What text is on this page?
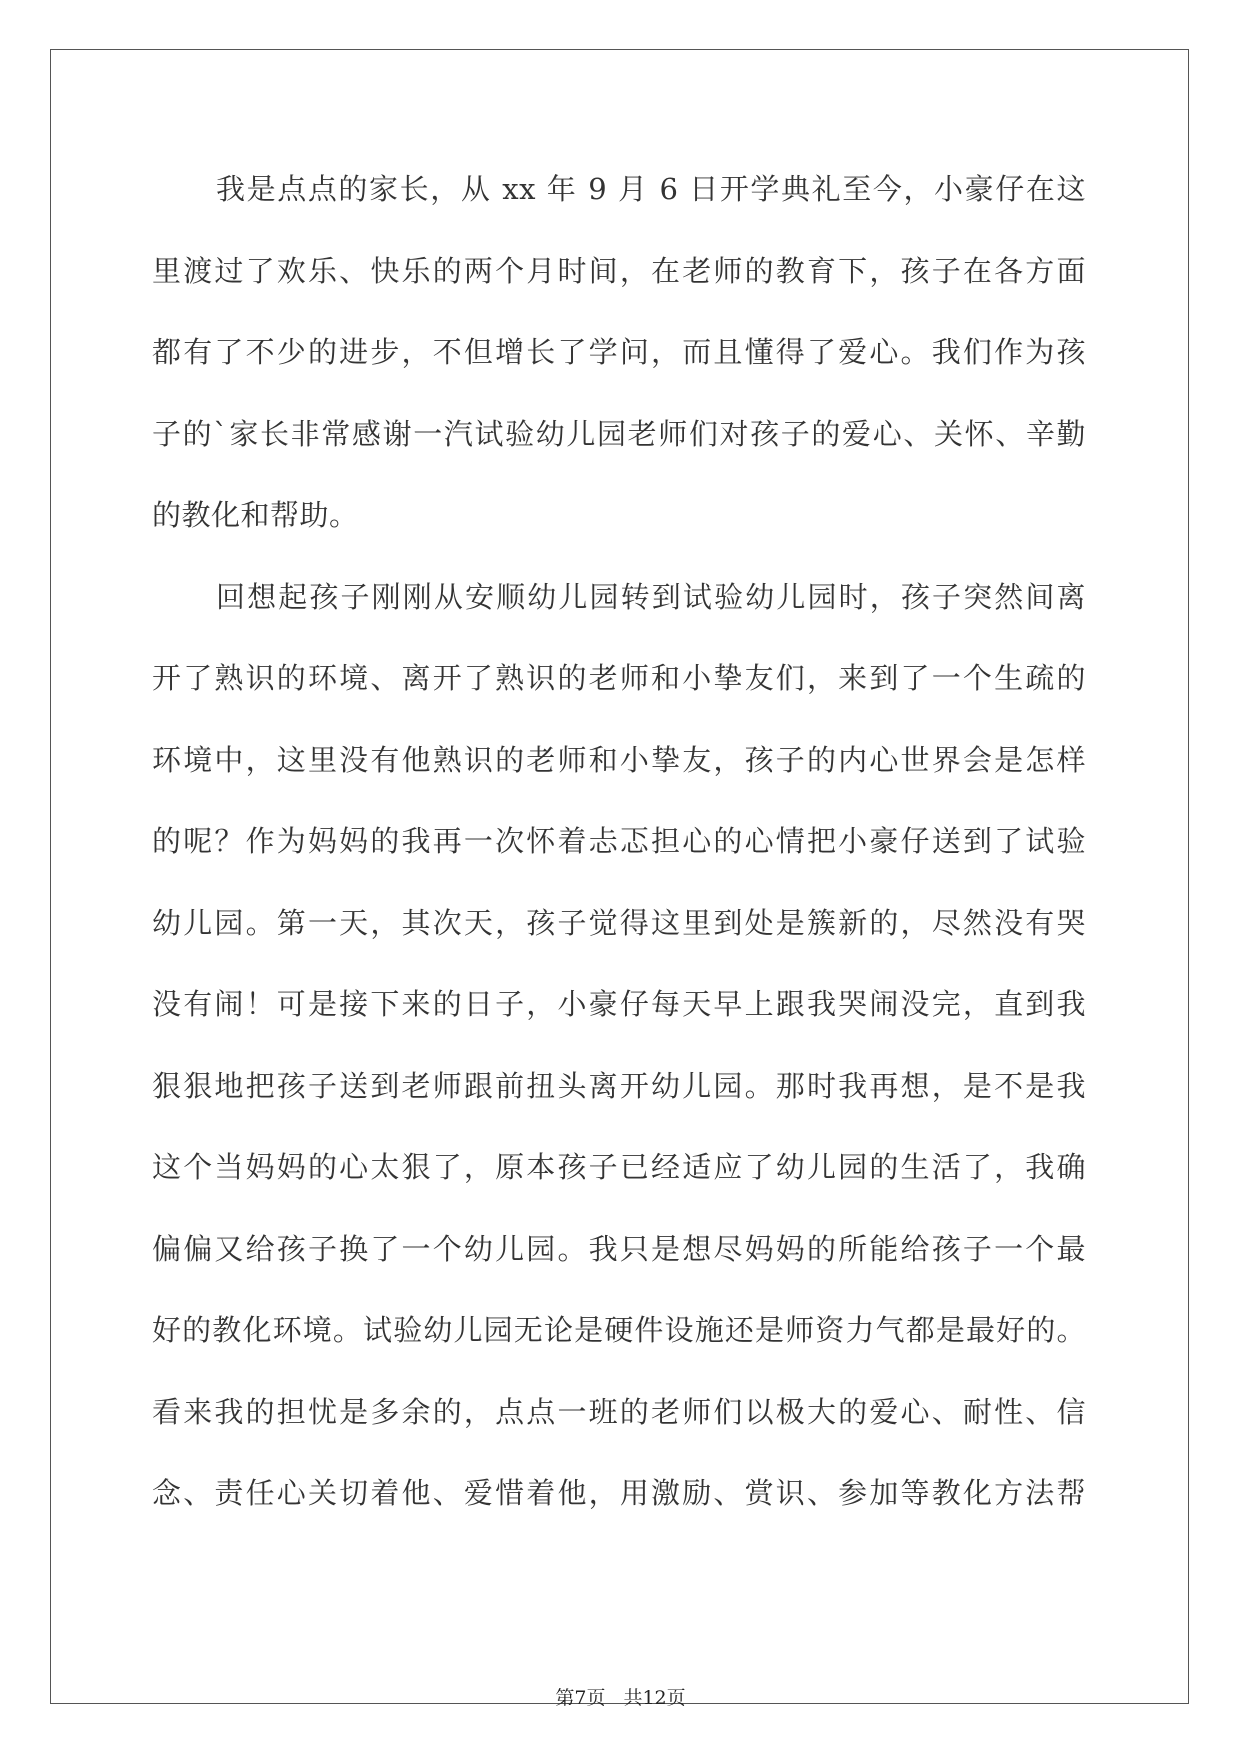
我是点点的家长，从 xx 年 9 月 6 日开学典礼至今，小豪仔在这
里渡过了欢乐、快乐的两个月时间，在老师的教育下，孩子在各方面
都有了不少的进步，不但增长了学问，而且懂得了爱心。我们作为孩
子的`家长非常感谢一汽试验幼儿园老师们对孩子的爱心、关怀、辛勤
的教化和帮助。
回想起孩子刚刚从安顺幼儿园转到试验幼儿园时，孩子突然间离
开了熟识的环境、离开了熟识的老师和小挚友们，来到了一个生疏的
环境中，这里没有他熟识的老师和小挚友，孩子的内心世界会是怎样
的呢？作为妈妈的我再一次怀着忐忑担心的心情把小豪仔送到了试验
幼儿园。第一天，其次天，孩子觉得这里到处是簇新的，尽然没有哭
没有闹！可是接下来的日子，小豪仔每天早上跟我哭闹没完，直到我
狠狠地把孩子送到老师跟前扭头离开幼儿园。那时我再想，是不是我
这个当妈妈的心太狠了，原本孩子已经适应了幼儿园的生活了，我确
偏偏又给孩子换了一个幼儿园。我只是想尽妈妈的所能给孩子一个最
好的教化环境。试验幼儿园无论是硬件设施还是师资力气都是最好的。
看来我的担忧是多余的，点点一班的老师们以极大的爱心、耐性、信
念、责任心关切着他、爱惜着他，用激励、赏识、参加等教化方法帮
第7页 共12页
